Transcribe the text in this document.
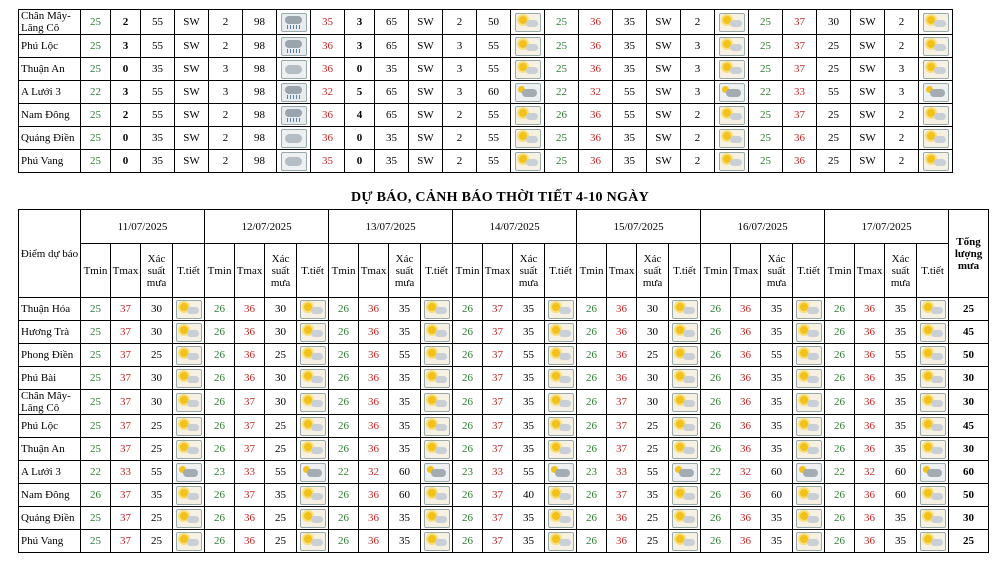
Chân Mây-Lăng Cô	25	2	55	SW	2	98		35	3	65	SW	2	50		25	36	35	SW	2		25	37	30	SW	2	
Phú Lộc	25	3	55	SW	2	98		36	3	65	SW	3	55		25	36	35	SW	3		25	37	25	SW	2	
Thuận An	25	0	35	SW	3	98		36	0	35	SW	3	55		25	36	35	SW	3		25	37	25	SW	3	
A Lưới 3	22	3	55	SW	3	98		32	5	65	SW	3	60		22	32	55	SW	3		22	33	55	SW	3	
Nam Đông	25	2	55	SW	2	98		36	4	65	SW	2	55		26	36	55	SW	2		25	37	25	SW	2	
Quảng Điền	25	0	35	SW	2	98		36	0	35	SW	2	55		25	36	35	SW	2		25	36	25	SW	2	
Phú Vang	25	0	35	SW	2	98		35	0	35	SW	2	55		25	36	35	SW	2		25	36	25	SW	2	
DỰ BÁO, CẢNH BÁO THỜI TIẾT 4-10 NGÀY
Điểm dự báo	11/07/2025				12/07/2025				13/07/2025				14/07/2025				15/07/2025				16/07/2025				17/07/2025				Tổng lượng mưa
	Tmin	Tmax	Xác suất mưa	T.tiết	Tmin	Tmax	Xác suất mưa	T.tiết	Tmin	Tmax	Xác suất mưa	T.tiết	Tmin	Tmax	Xác suất mưa	T.tiết	Tmin	Tmax	Xác suất mưa	T.tiết	Tmin	Tmax	Xác suất mưa	T.tiết	Tmin	Tmax	Xác suất mưa	T.tiết	
Thuận Hóa	25	37	30		26	36	30		26	36	35		26	37	35		26	36	30		26	36	35		26	36	35		25
Hương Trà	25	37	30		26	36	30		26	36	35		26	37	35		26	36	30		26	36	35		26	36	35		45
Phong Điền	25	37	25		26	36	25		26	36	55		26	37	55		26	36	25		26	36	55		26	36	55		50
Phú Bài	25	37	30		26	36	30		26	36	35		26	37	35		26	36	30		26	36	35		26	36	35		30
Chân Mây-Lăng Cô	25	37	30		26	37	30		26	36	35		26	37	35		26	37	30		26	36	35		26	36	35		30
Phú Lộc	25	37	25		26	37	25		26	36	35		26	37	35		26	37	25		26	36	35		26	36	35		45
Thuận An	25	37	25		26	37	25		26	36	35		26	37	35		26	37	25		26	36	35		26	36	35		30
A Lưới 3	22	33	55		23	33	55		22	32	60		23	33	55		23	33	55		22	32	60		22	32	60		60
Nam Đông	26	37	35		26	37	35		26	36	60		26	37	40		26	37	35		26	36	60		26	36	60		50
Quảng Điền	25	37	25		26	36	25		26	36	35		26	37	35		26	36	25		26	36	35		26	36	35		30
Phú Vang	25	37	25		26	36	25		26	36	35		26	37	35		26	36	25		26	36	35		26	36	35		25
